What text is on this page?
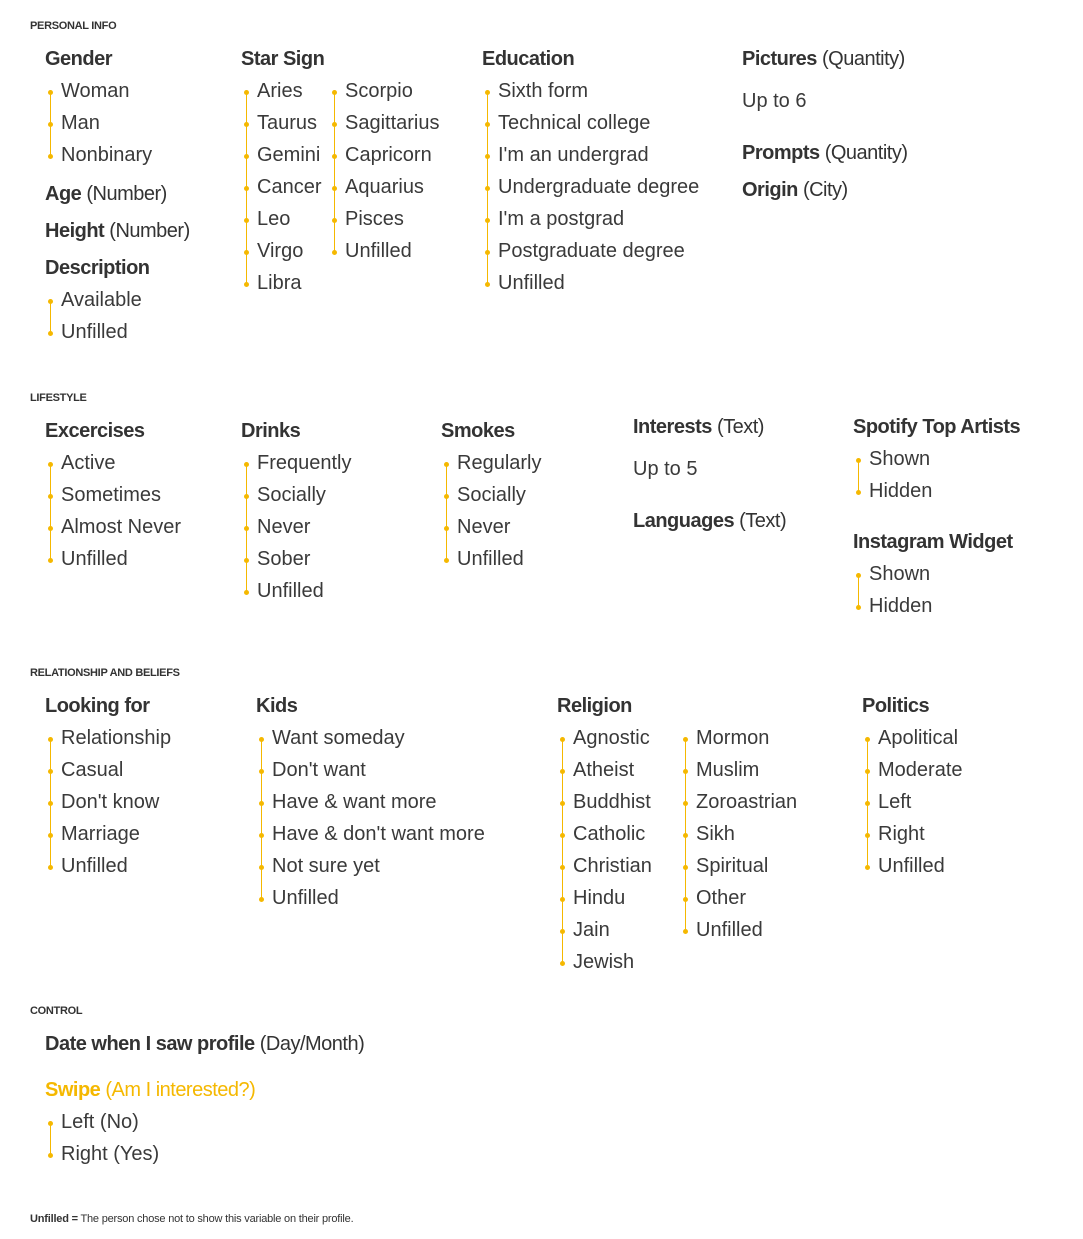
PERSONAL INFO
Gender
Woman
Man
Nonbinary
Age (Number)
Height (Number)
Description
Available
Unfilled
Star Sign
Aries
Taurus
Gemini
Cancer
Leo
Virgo
Libra
Scorpio
Sagittarius
Capricorn
Aquarius
Pisces
Unfilled
Education
Sixth form
Technical college
I'm an undergrad
Undergraduate degree
I'm a postgrad
Postgraduate degree
Unfilled
Pictures (Quantity)
Up to 6
Prompts (Quantity)
Origin (City)
LIFESTYLE
Excercises
Active
Sometimes
Almost Never
Unfilled
Drinks
Frequently
Socially
Never
Sober
Unfilled
Smokes
Regularly
Socially
Never
Unfilled
Interests (Text)
Up to 5
Languages (Text)
Spotify Top Artists
Shown
Hidden
Instagram Widget
Shown
Hidden
RELATIONSHIP AND BELIEFS
Looking for
Relationship
Casual
Don't know
Marriage
Unfilled
Kids
Want someday
Don't want
Have & want more
Have & don't want more
Not sure yet
Unfilled
Religion
Agnostic
Atheist
Buddhist
Catholic
Christian
Hindu
Jain
Jewish
Mormon
Muslim
Zoroastrian
Sikh
Spiritual
Other
Unfilled
Politics
Apolitical
Moderate
Left
Right
Unfilled
CONTROL
Date when I saw profile (Day/Month)
Swipe (Am I interested?)
Left (No)
Right (Yes)
Unfilled = The person chose not to show this variable on their profile.
